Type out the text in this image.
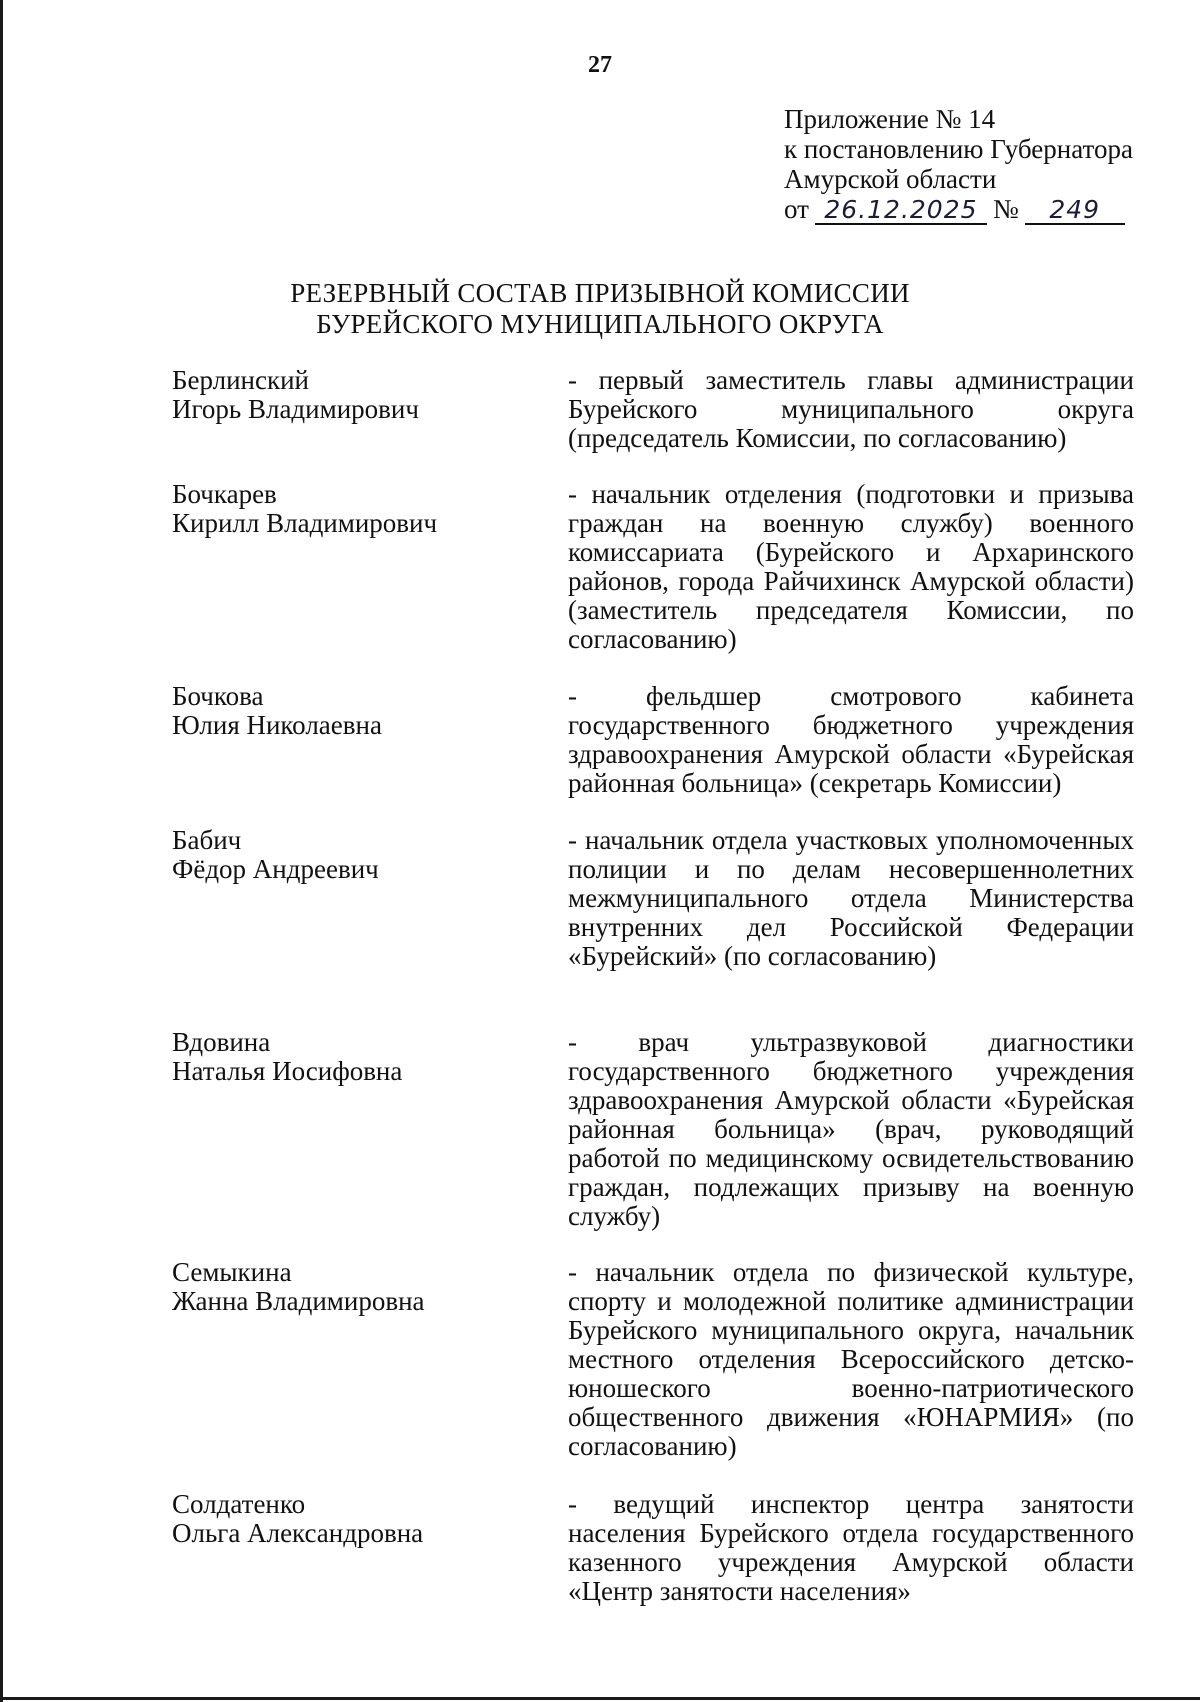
27
Приложение № 14
к постановлению Губернатора
Амурской области
от 26.12.2025 № 249
РЕЗЕРВНЫЙ СОСТАВ ПРИЗЫВНОЙ КОМИССИИ
БУРЕЙСКОГО МУНИЦИПАЛЬНОГО ОКРУГА
Берлинский
Игорь Владимирович
- первый заместитель главы администрации Бурейского муниципального округа (председатель Комиссии, по согласованию)
Бочкарев
Кирилл Владимирович
- начальник отделения (подготовки и призыва граждан на военную службу) военного комиссариата (Бурейского и Архаринского районов, города Райчихинск Амурской области) (заместитель председателя Комиссии, по согласованию)
Бочкова
Юлия Николаевна
- фельдшер смотрового кабинета государственного бюджетного учреждения здравоохранения Амурской области «Бурейская районная больница» (секретарь Комиссии)
Бабич
Фёдор Андреевич
- начальник отдела участковых уполномоченных полиции и по делам несовершеннолетних межмуниципального отдела Министерства внутренних дел Российской Федерации «Бурейский» (по согласованию)
Вдовина
Наталья Иосифовна
- врач ультразвуковой диагностики государственного бюджетного учреждения здравоохранения Амурской области «Бурейская районная больница» (врач, руководящий работой по медицинскому освидетельствованию граждан, подлежащих призыву на военную службу)
Семыкина
Жанна Владимировна
- начальник отдела по физической культуре, спорту и молодежной политике администрации Бурейского муниципального округа, начальник местного отделения Всероссийского детско-юношеского военно-патриотического общественного движения «ЮНАРМИЯ» (по согласованию)
Солдатенко
Ольга Александровна
- ведущий инспектор центра занятости населения Бурейского отдела государственного казенного учреждения Амурской области «Центр занятости населения»
